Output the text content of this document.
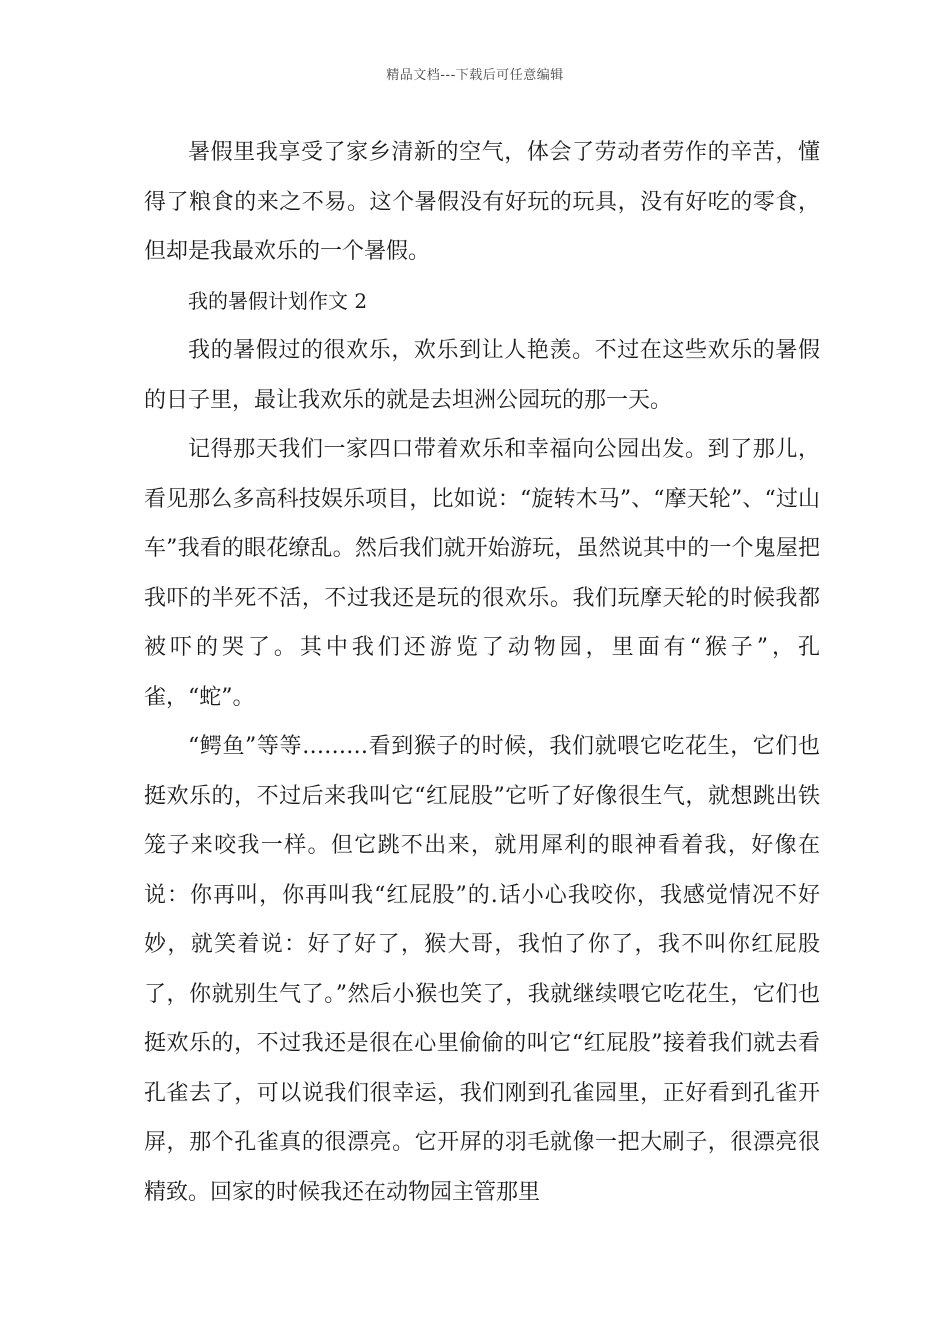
精品文档---下载后可任意编辑

暑假里我享受了家乡清新的空气，体会了劳动者劳作的辛苦，懂得了粮食的来之不易。这个暑假没有好玩的玩具，没有好吃的零食，但却是我最欢乐的一个暑假。

我的暑假计划作文 2

我的暑假过的很欢乐，欢乐到让人艳羡。不过在这些欢乐的暑假的日子里，最让我欢乐的就是去坦洲公园玩的那一天。

记得那天我们一家四口带着欢乐和幸福向公园出发。到了那儿，看见那么多高科技娱乐项目，比如说：“旋转木马”、“摩天轮”、“过山车”我看的眼花缭乱。然后我们就开始游玩，虽然说其中的一个鬼屋把我吓的半死不活，不过我还是玩的很欢乐。我们玩摩天轮的时候我都被吓的哭了。其中我们还游览了动物园，里面有“猴子”，孔雀，“蛇”。

“鳄鱼”等等………看到猴子的时候，我们就喂它吃花生，它们也挺欢乐的，不过后来我叫它“红屁股”它听了好像很生气，就想跳出铁笼子来咬我一样。但它跳不出来，就用犀利的眼神看着我，好像在说：你再叫，你再叫我“红屁股”的.话小心我咬你，我感觉情况不好妙，就笑着说：好了好了，猴大哥，我怕了你了，我不叫你红屁股了，你就别生气了。”然后小猴也笑了，我就继续喂它吃花生，它们也挺欢乐的，不过我还是很在心里偷偷的叫它“红屁股”接着我们就去看孔雀去了，可以说我们很幸运，我们刚到孔雀园里，正好看到孔雀开屏，那个孔雀真的很漂亮。它开屏的羽毛就像一把大刷子，很漂亮很精致。回家的时候我还在动物园主管那里
